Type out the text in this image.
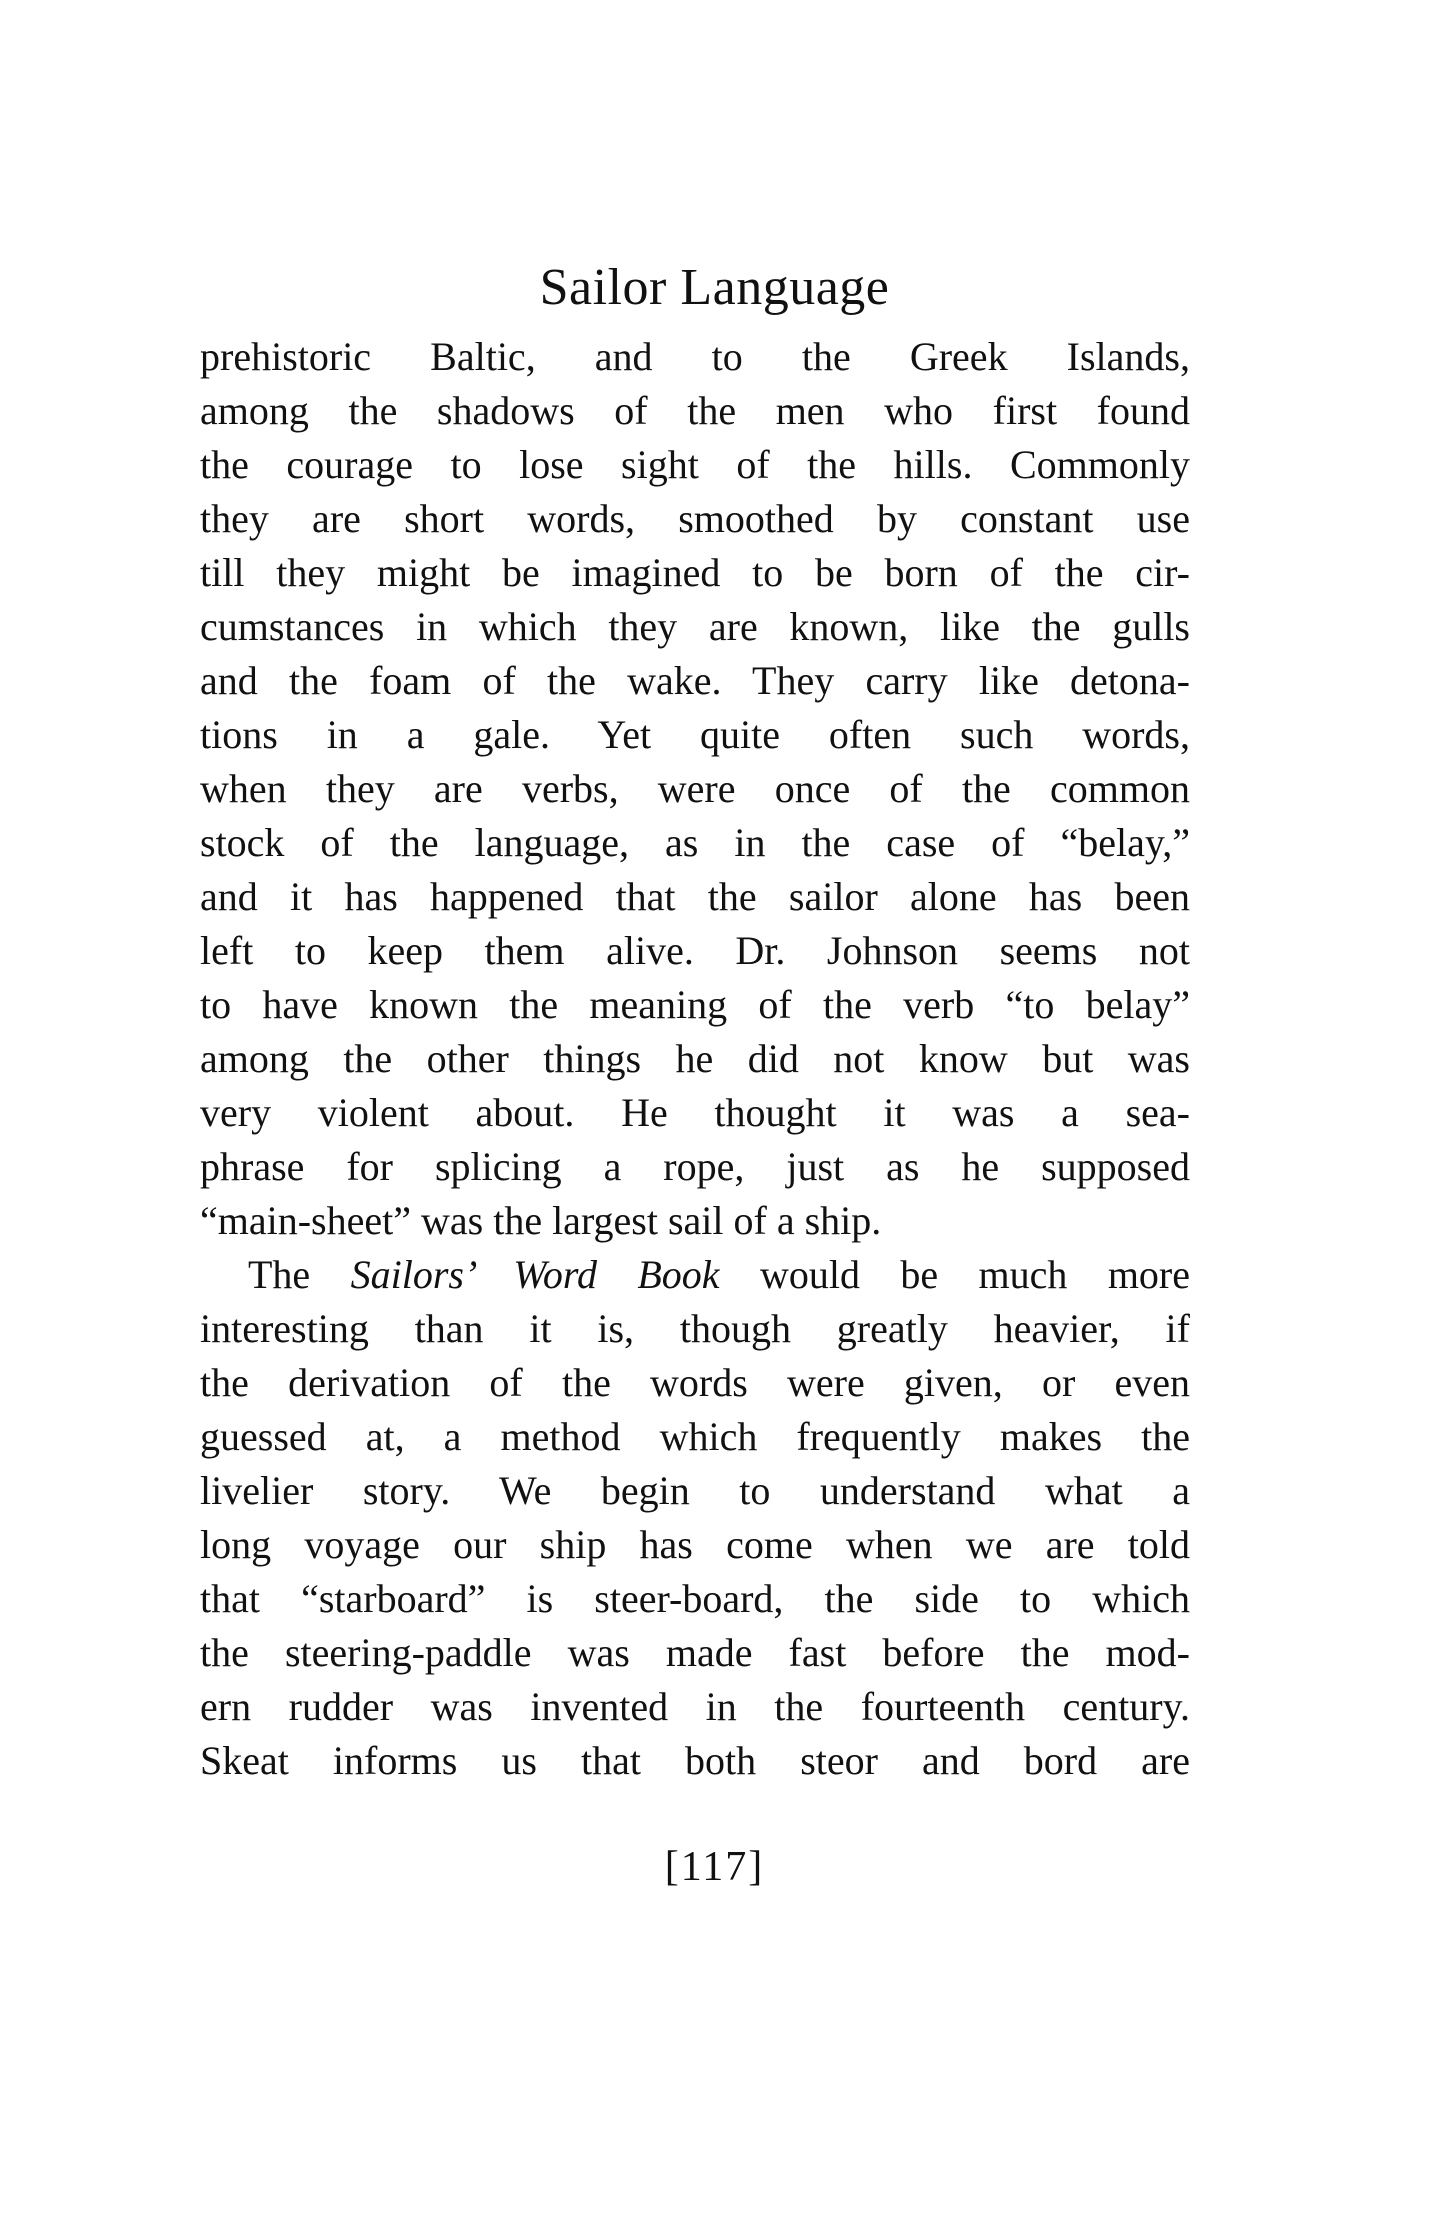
Sailor Language
prehistoric Baltic, and to the Greek Islands,
among the shadows of the men who first found
the courage to lose sight of the hills. Commonly
they are short words, smoothed by constant use
till they might be imagined to be born of the cir-
cumstances in which they are known, like the gulls
and the foam of the wake. They carry like detona-
tions in a gale. Yet quite often such words,
when they are verbs, were once of the common
stock of the language, as in the case of “belay,”
and it has happened that the sailor alone has been
left to keep them alive. Dr. Johnson seems not
to have known the meaning of the verb “to belay”
among the other things he did not know but was
very violent about. He thought it was a sea-
phrase for splicing a rope, just as he supposed
“main-sheet” was the largest sail of a ship.
The Sailors’ Word Book would be much more
interesting than it is, though greatly heavier, if
the derivation of the words were given, or even
guessed at, a method which frequently makes the
livelier story. We begin to understand what a
long voyage our ship has come when we are told
that “starboard” is steer-board, the side to which
the steering-paddle was made fast before the mod-
ern rudder was invented in the fourteenth century.
Skeat informs us that both steor and bord are
[117]
